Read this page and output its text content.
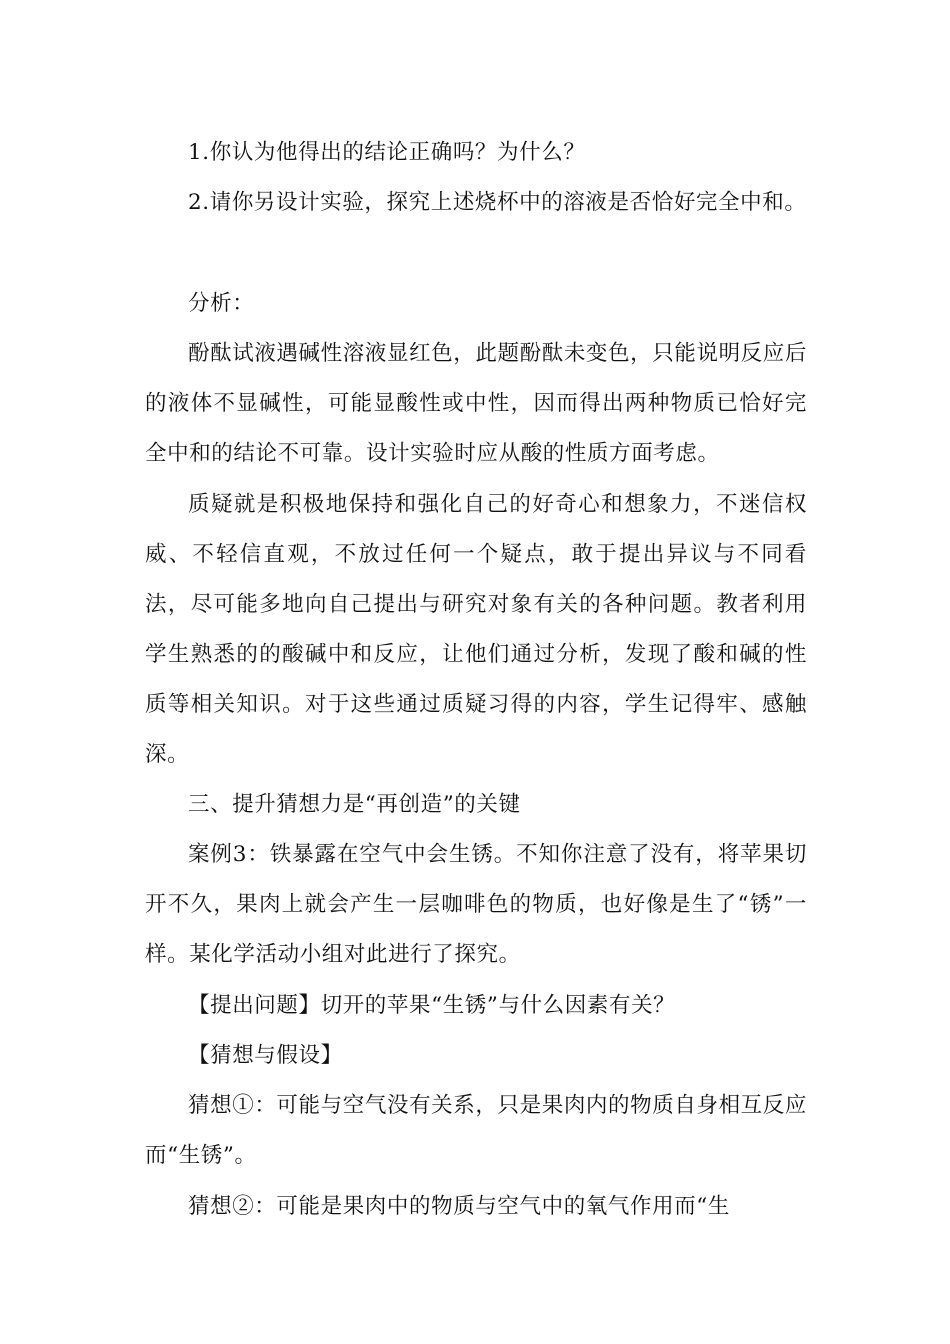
1.你认为他得出的结论正确吗？为什么？

2.请你另设计实验，探究上述烧杯中的溶液是否恰好完全中和。

分析：

酚酞试液遇碱性溶液显红色，此题酚酞未变色，只能说明反应后的液体不显碱性，可能显酸性或中性，因而得出两种物质已恰好完全中和的结论不可靠。设计实验时应从酸的性质方面考虑。

质疑就是积极地保持和强化自己的好奇心和想象力，不迷信权威、不轻信直观，不放过任何一个疑点，敢于提出异议与不同看法，尽可能多地向自己提出与研究对象有关的各种问题。教者利用学生熟悉的的酸碱中和反应，让他们通过分析，发现了酸和碱的性质等相关知识。对于这些通过质疑习得的内容，学生记得牢、感触深。

三、提升猜想力是“再创造”的关键

案例3：铁暴露在空气中会生锈。不知你注意了没有，将苹果切开不久，果肉上就会产生一层咖啡色的物质，也好像是生了“锈”一样。某化学活动小组对此进行了探究。

【提出问题】切开的苹果“生锈”与什么因素有关？

【猜想与假设】

猜想①：可能与空气没有关系，只是果肉内的物质自身相互反应而“生锈”。

猜想②：可能是果肉中的物质与空气中的氧气作用而“生
